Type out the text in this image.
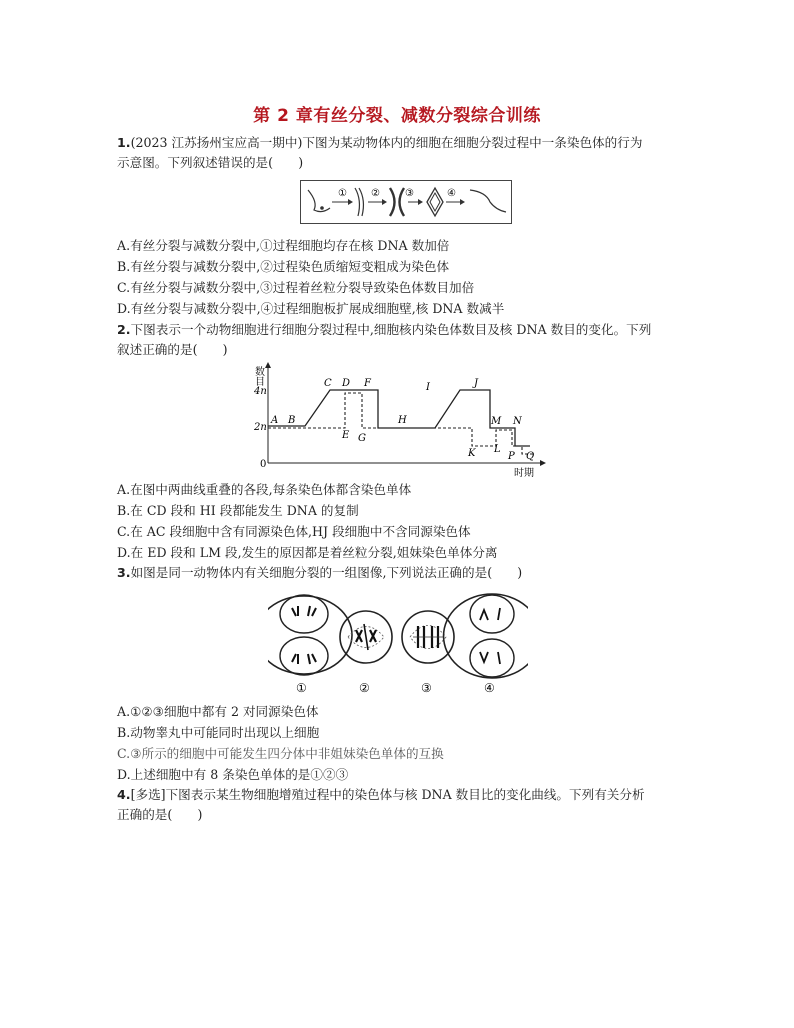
第 2 章有丝分裂、减数分裂综合训练
1.(2023 江苏扬州宝应高一期中)下图为某动物体内的细胞在细胞分裂过程中一条染色体的行为
示意图。下列叙述错误的是(　　)
① ②	③	④
A.有丝分裂与减数分裂中,①过程细胞均存在核 DNA 数加倍
B.有丝分裂与减数分裂中,②过程染色质缩短变粗成为染色体
C.有丝分裂与减数分裂中,③过程着丝粒分裂导致染色体数目加倍
D.有丝分裂与减数分裂中,④过程细胞板扩展成细胞壁,核 DNA 数减半
2.下图表示一个动物细胞进行细胞分裂过程中,细胞核内染色体数目及核 DNA 数目的变化。下列
叙述正确的是(　　)
数目
时期
4n
2n
0
A B
C D
E
F
G
H
I	J
K L
M N
P Q
A.在图中两曲线重叠的各段,每条染色体都含染色单体
B.在 CD 段和 HI 段都能发生 DNA 的复制
C.在 AC 段细胞中含有同源染色体,HJ 段细胞中不含同源染色体
D.在 ED 段和 LM 段,发生的原因都是着丝粒分裂,姐妹染色单体分离
3.如图是同一动物体内有关细胞分裂的一组图像,下列说法正确的是(　　)
①	②	③	④
A.①②③细胞中都有 2 对同源染色体
B.动物睾丸中可能同时出现以上细胞
C.③所示的细胞中可能发生四分体中非姐妹染色单体的互换
D.上述细胞中有 8 条染色单体的是①②③
4.[多选]下图表示某生物细胞增殖过程中的染色体与核 DNA 数目比的变化曲线。下列有关分析
正确的是(　　)
